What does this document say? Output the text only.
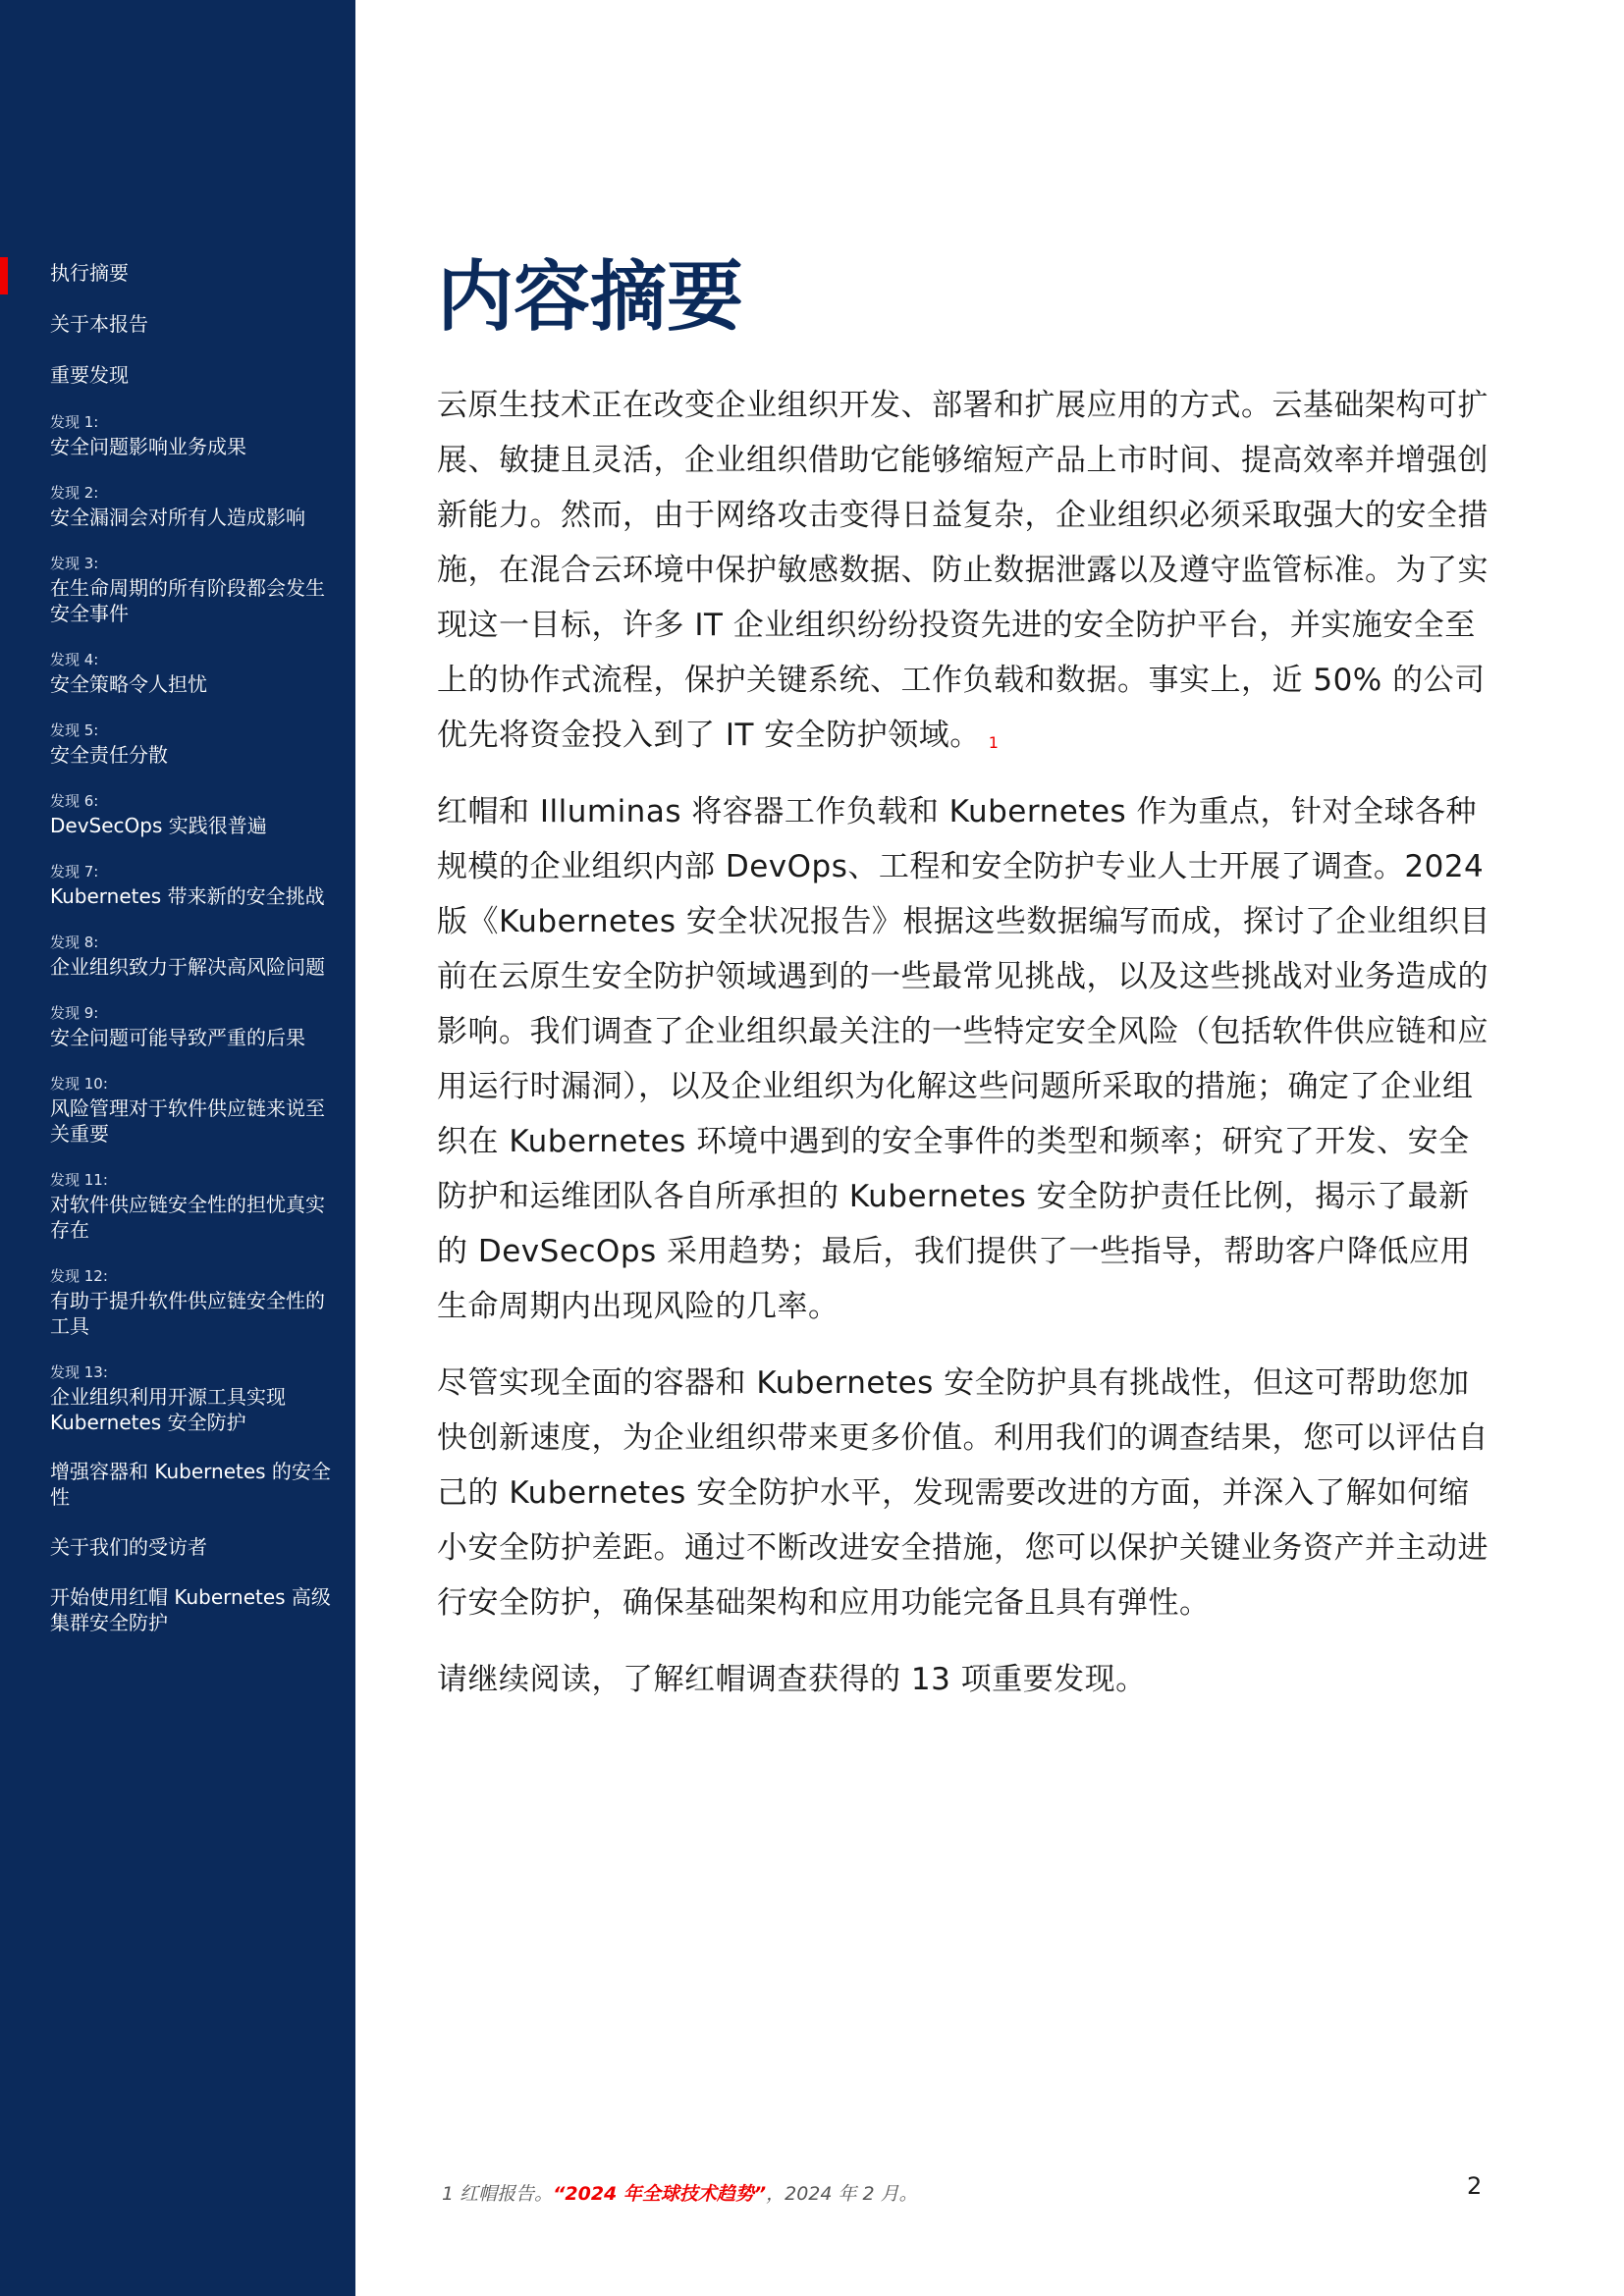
执行摘要
关于本报告
重要发现
发现 1:
安全问题影响业务成果
发现 2:
安全漏洞会对所有人造成影响
发现 3:
在生命周期的所有阶段都会发生安全事件
发现 4:
安全策略令人担忧
发现 5:
安全责任分散
发现 6:
DevSecOps 实践很普遍
发现 7:
Kubernetes 带来新的安全挑战
发现 8:
企业组织致力于解决高风险问题
发现 9:
安全问题可能导致严重的后果
发现 10:
风险管理对于软件供应链来说至关重要
发现 11:
对软件供应链安全性的担忧真实存在
发现 12:
有助于提升软件供应链安全性的工具
发现 13:
企业组织利用开源工具实现 Kubernetes 安全防护
增强容器和 Kubernetes 的安全性
关于我们的受访者
开始使用红帽 Kubernetes 高级集群安全防护
内容摘要

云原生技术正在改变企业组织开发、部署和扩展应用的方式。云基础架构可扩展、敏捷且灵活，企业组织借助它能够缩短产品上市时间、提高效率并增强创新能力。然而，由于网络攻击变得日益复杂，企业组织必须采取强大的安全措施，在混合云环境中保护敏感数据、防止数据泄露以及遵守监管标准。为了实现这一目标，许多 IT 企业组织纷纷投资先进的安全防护平台，并实施安全至上的协作式流程，保护关键系统、工作负载和数据。事实上，近 50% 的公司优先将资金投入到了 IT 安全防护领域。 $^1$

红帽和 Illuminas 将容器工作负载和 Kubernetes 作为重点，针对全球各种规模的企业组织内部 DevOps、工程和安全防护专业人士开展了调查。2024 版《Kubernetes 安全状况报告》根据这些数据编写而成，探讨了企业组织目前在云原生安全防护领域遇到的一些最常见挑战，以及这些挑战对业务造成的影响。我们调查了企业组织最关注的一些特定安全风险（包括软件供应链和应用运行时漏洞），以及企业组织为化解这些问题所采取的措施；确定了企业组织在 Kubernetes 环境中遇到的安全事件的类型和频率；研究了开发、安全防护和运维团队各自所承担的 Kubernetes 安全防护责任比例，揭示了最新的 DevSecOps 采用趋势；最后，我们提供了一些指导，帮助客户降低应用生命周期内出现风险的几率。

尽管实现全面的容器和 Kubernetes 安全防护具有挑战性，但这可帮助您加快创新速度，为企业组织带来更多价值。利用我们的调查结果，您可以评估自己的 Kubernetes 安全防护水平，发现需要改进的方面，并深入了解如何缩小安全防护差距。通过不断改进安全措施，您可以保护关键业务资产并主动进行安全防护，确保基础架构和应用功能完备且具有弹性。

请继续阅读，了解红帽调查获得的 13 项重要发现。

1 红帽报告。“2024 年全球技术趋势”，2024 年 2 月。	2
